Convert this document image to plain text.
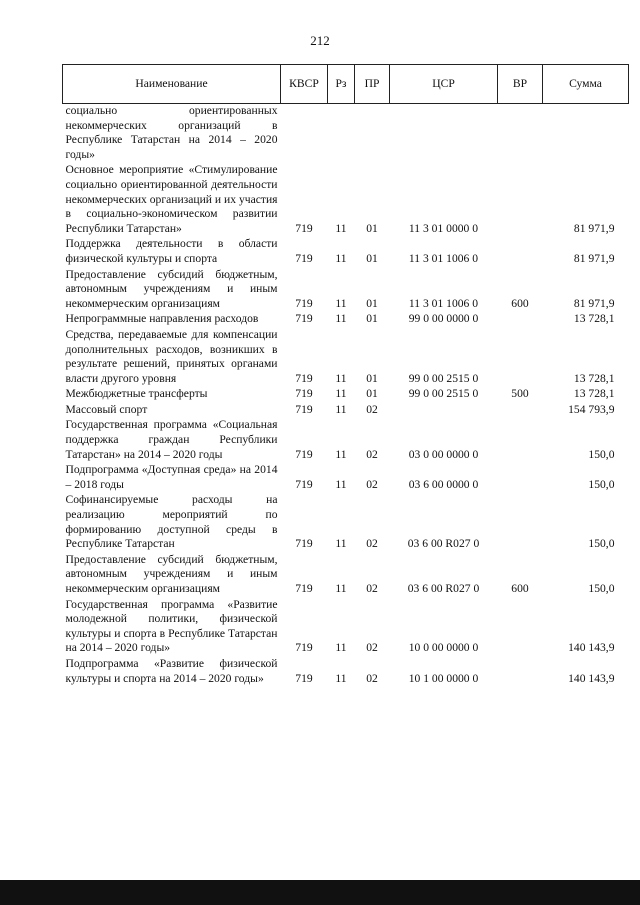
212
Наименование	КВСР	Рз	ПР	ЦСР	ВР	Сумма
социально ориентированных некоммерческих организаций в Республике Татарстан на 2014 – 2020 годы»						
Основное мероприятие «Стимулирование социально ориентированной деятельности некоммерческих организаций и их участия в социально-экономическом развитии Республики Татарстан»	719	11	01	11 3 01 0000 0		81 971,9
Поддержка деятельности в области физической культуры и спорта	719	11	01	11 3 01 1006 0		81 971,9
Предоставление субсидий бюджетным, автономным учреждениям и иным некоммерческим организациям	719	11	01	11 3 01 1006 0	600	81 971,9
Непрограммные направления расходов	719	11	01	99 0 00 0000 0		13 728,1
Средства, передаваемые для компенсации дополнительных расходов, возникших в результате решений, принятых органами власти другого уровня	719	11	01	99 0 00 2515 0		13 728,1
Межбюджетные трансферты	719	11	01	99 0 00 2515 0	500	13 728,1
Массовый спорт	719	11	02			154 793,9
Государственная программа «Социальная поддержка граждан Республики Татарстан» на 2014 – 2020 годы	719	11	02	03 0 00 0000 0		150,0
Подпрограмма «Доступная среда» на 2014 – 2018 годы	719	11	02	03 6 00 0000 0		150,0
Софинансируемые расходы на реализацию мероприятий по формированию доступной среды в Республике Татарстан	719	11	02	03 6 00 R027 0		150,0
Предоставление субсидий бюджетным, автономным учреждениям и иным некоммерческим организациям	719	11	02	03 6 00 R027 0	600	150,0
Государственная программа «Развитие молодежной политики, физической культуры и спорта в Республике Татарстан на 2014 – 2020 годы»	719	11	02	10 0 00 0000 0		140 143,9
Подпрограмма «Развитие физической культуры и спорта на 2014 – 2020 годы»	719	11	02	10 1 00 0000 0		140 143,9
